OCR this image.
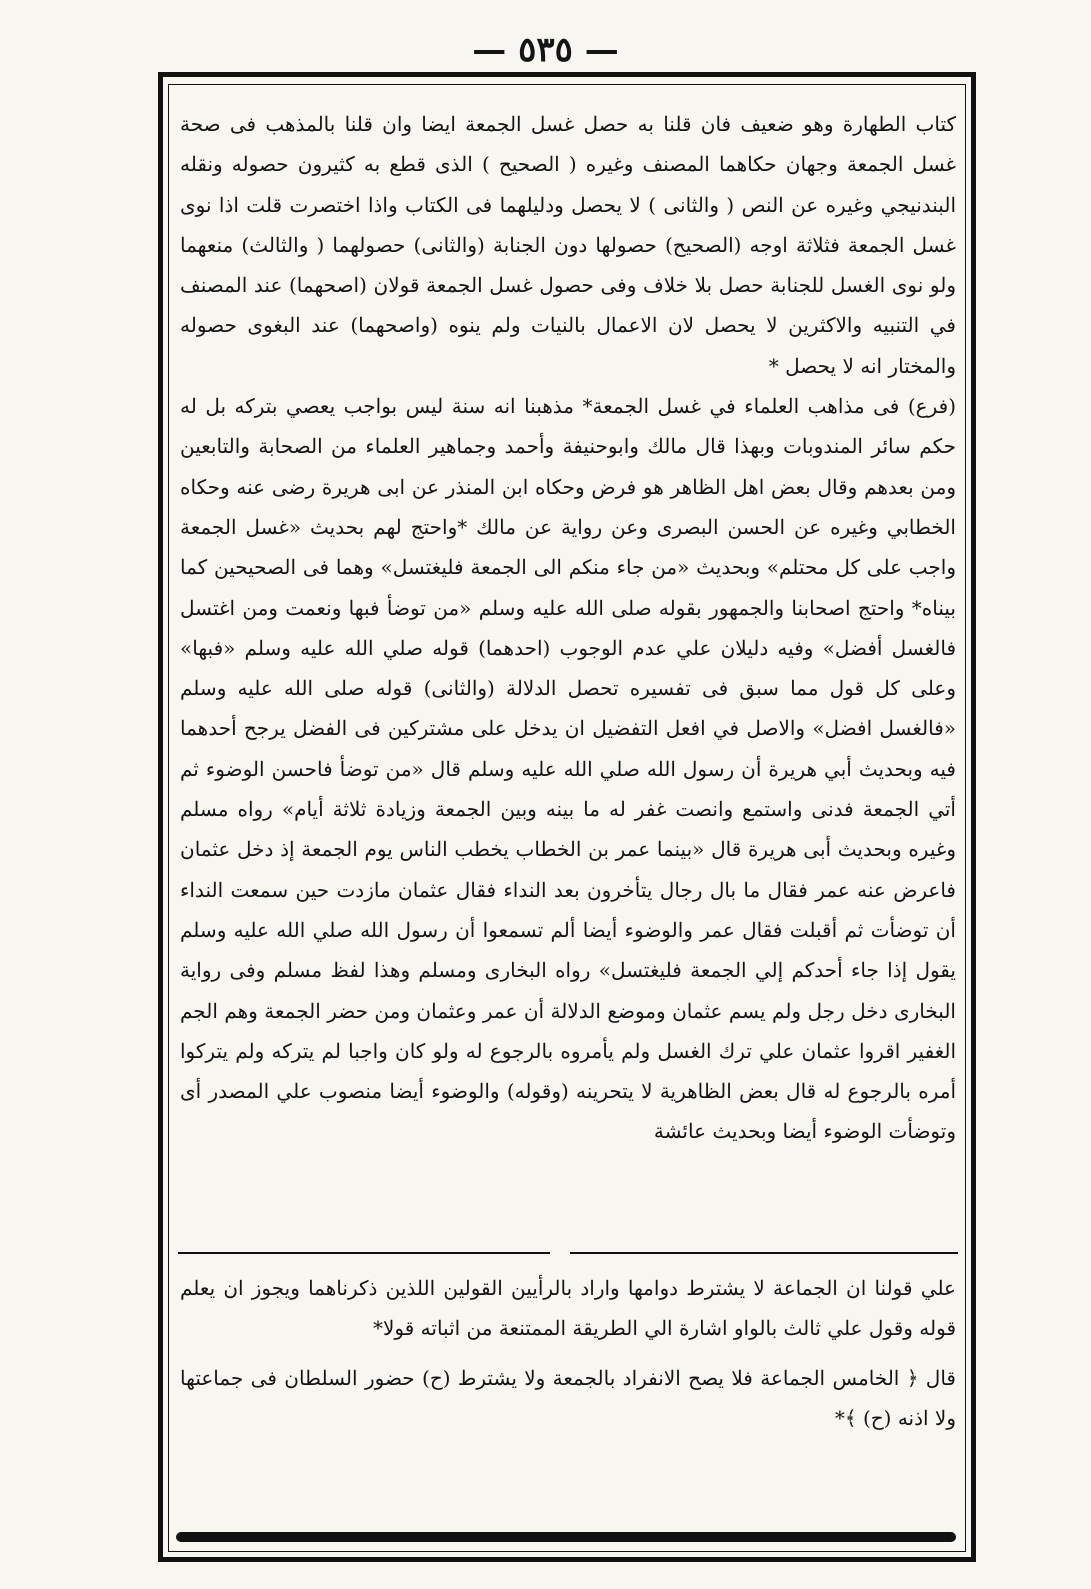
— ٥٣٥ —

كتاب الطهارة وهو ضعيف فان قلنا به حصل غسل الجمعة ايضا وان قلنا بالمذهب فى صحة غسل الجمعة وجهان حكاهما المصنف وغيره ( الصحيح ) الذى قطع به كثيرون حصوله ونقله البندنيجي وغيره عن النص ( والثانى ) لا يحصل ودليلهما فى الكتاب واذا اختصرت قلت اذا نوى غسل الجمعة فثلاثة اوجه (الصحيح) حصولها دون الجنابة (والثانى) حصولهما ( والثالث) منعهما ولو نوى الغسل للجنابة حصل بلا خلاف وفى حصول غسل الجمعة قولان (اصحهما) عند المصنف في التنبيه والاكثرين لا يحصل لان الاعمال بالنيات ولم ينوه (واصحهما) عند البغوى حصوله والمختار انه لا يحصل *

(فرع) فى مذاهب العلماء في غسل الجمعة* مذهبنا انه سنة ليس بواجب يعصي بتركه بل له حكم سائر المندوبات وبهذا قال مالك وابوحنيفة وأحمد وجماهير العلماء من الصحابة والتابعين ومن بعدهم وقال بعض اهل الظاهر هو فرض وحكاه ابن المنذر عن ابى هريرة رضى عنه وحكاه الخطابي وغيره عن الحسن البصرى وعن رواية عن مالك *واحتج لهم بحديث «غسل الجمعة واجب على كل محتلم» وبحديث «من جاء منكم الى الجمعة فليغتسل» وهما فى الصحيحين كما بيناه* واحتج اصحابنا والجمهور بقوله صلى الله عليه وسلم «من توضأ فبها ونعمت ومن اغتسل فالغسل أفضل» وفيه دليلان علي عدم الوجوب (احدهما) قوله صلي الله عليه وسلم «فبها» وعلى كل قول مما سبق فى تفسيره تحصل الدلالة (والثانى) قوله صلى الله عليه وسلم «فالغسل افضل» والاصل في افعل التفضيل ان يدخل على مشتركين فى الفضل يرجح أحدهما فيه وبحديث أبي هريرة أن رسول الله صلي الله عليه وسلم قال «من توضأ فاحسن الوضوء ثم أتي الجمعة فدنى واستمع وانصت غفر له ما بينه وبين الجمعة وزيادة ثلاثة أيام» رواه مسلم وغيره وبحديث أبى هريرة قال «بينما عمر بن الخطاب يخطب الناس يوم الجمعة إذ دخل عثمان فاعرض عنه عمر فقال ما بال رجال يتأخرون بعد النداء فقال عثمان مازدت حين سمعت النداء أن توضأت ثم أقبلت فقال عمر والوضوء أيضا ألم تسمعوا أن رسول الله صلي الله عليه وسلم يقول إذا جاء أحدكم إلي الجمعة فليغتسل» رواه البخارى ومسلم وهذا لفظ مسلم وفى رواية البخارى دخل رجل ولم يسم عثمان وموضع الدلالة أن عمر وعثمان ومن حضر الجمعة وهم الجم الغفير اقروا عثمان علي ترك الغسل ولم يأمروه بالرجوع له ولو كان واجبا لم يتركه ولم يتركوا أمره بالرجوع له قال بعض الظاهرية لا يتحرينه (وقوله) والوضوء أيضا منصوب علي المصدر أى وتوضأت الوضوء أيضا وبحديث عائشة

علي قولنا ان الجماعة لا يشترط دوامها واراد بالرأيين القولين اللذين ذكرناهما ويجوز ان يعلم قوله وقول علي ثالث بالواو اشارة الي الطريقة الممتنعة من اثباته قولا*

قال ﴿ الخامس الجماعة فلا يصح الانفراد بالجمعة ولا يشترط (ح) حضور السلطان فى جماعتها ولا اذنه (ح) ﴾*
